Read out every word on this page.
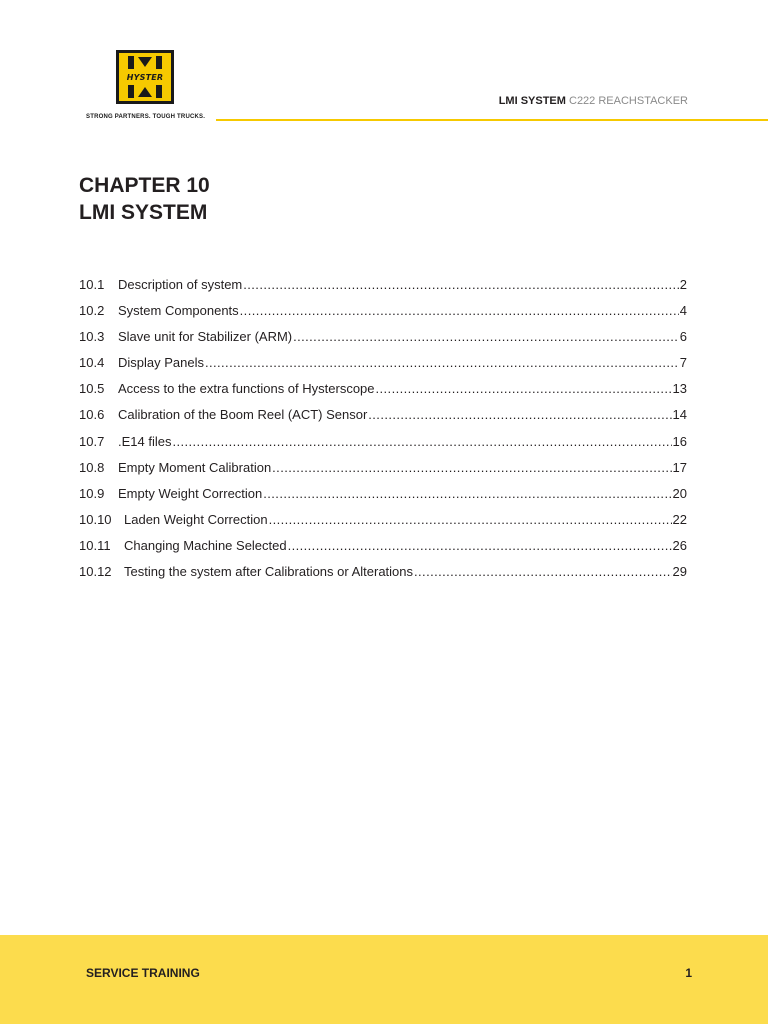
HYSTER
STRONG PARTNERS. TOUGH TRUCKS.
LMI SYSTEM C222 REACHSTACKER
CHAPTER 10
LMI SYSTEM
10.1	Description of system .....	2
10.2	System Components .....	4
10.3	Slave unit for Stabilizer (ARM) .....	6
10.4	Display Panels .....	7
10.5	Access to the extra functions of Hysterscope .....	13
10.6	Calibration of the Boom Reel (ACT) Sensor .....	14
10.7	.E14 files .....	16
10.8	Empty Moment Calibration .....	17
10.9	Empty Weight Correction .....	20
10.10 Laden Weight Correction .....	22
10.11	Changing Machine Selected .....	26
10.12 Testing the system after Calibrations or Alterations .....	29
SERVICE TRAINING	1
